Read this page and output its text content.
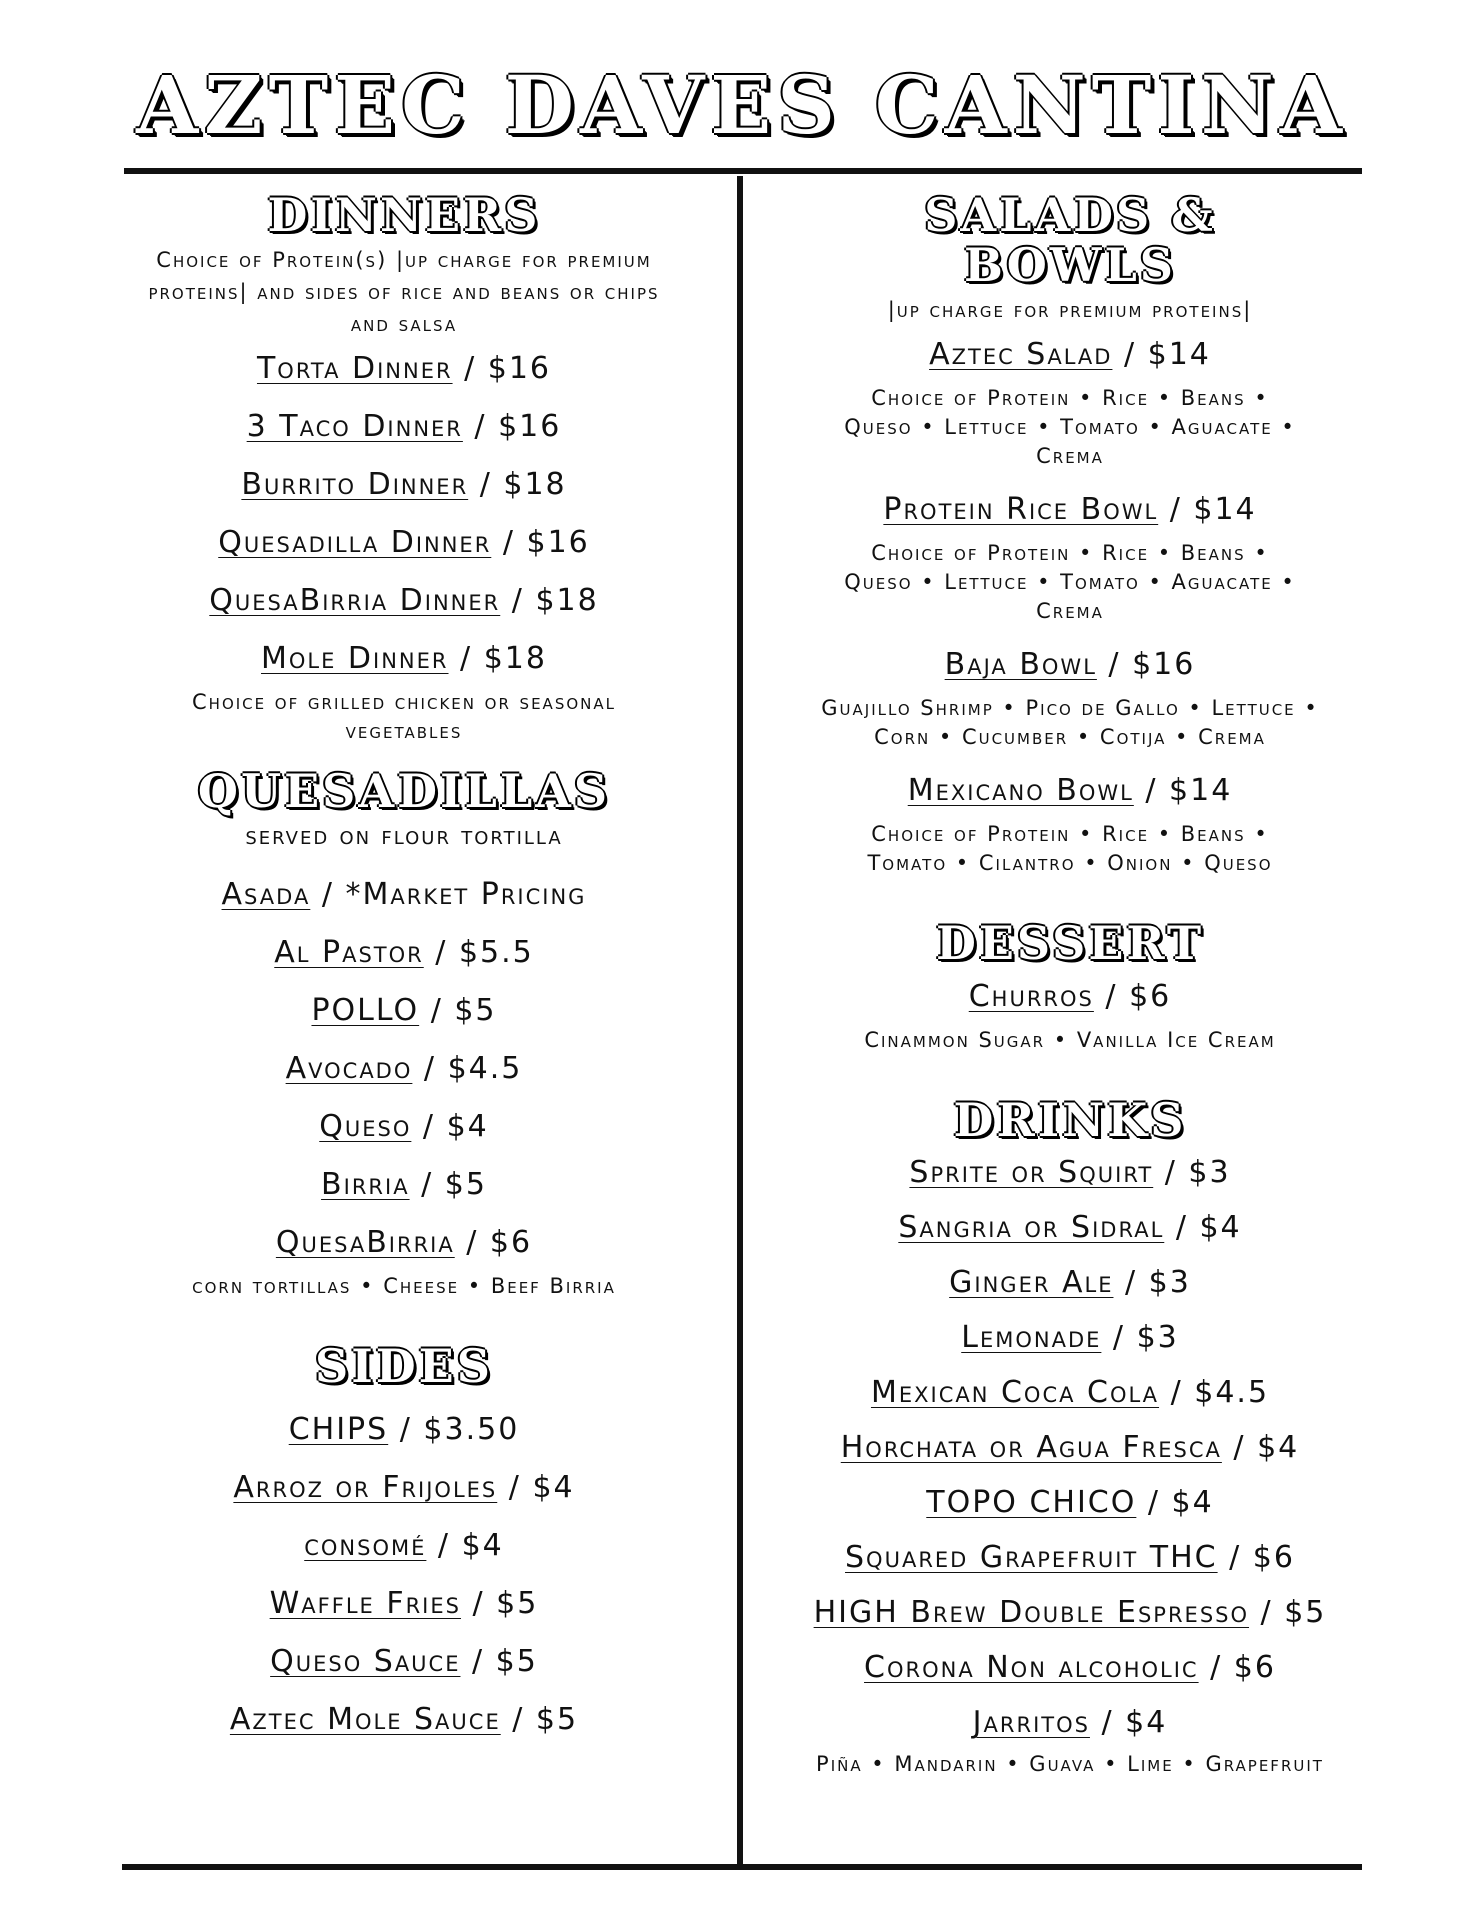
AZTEC DAVES CANTINA
DINNERS
Choice of Protein(s) |up charge for premium proteins| and sides of rice and beans or chips and salsa
Torta Dinner / $16
3 Taco Dinner / $16
Burrito Dinner / $18
Quesadilla Dinner / $16
QuesaBirria Dinner / $18
Mole Dinner / $18
Choice of grilled chicken or seasonal vegetables
QUESADILLAS
served on flour tortilla
Asada / *Market Pricing
Al Pastor / $5.5
POLLO / $5
Avocado / $4.5
Queso / $4
Birria / $5
QuesaBirria / $6
corn tortillas • Cheese • Beef Birria
SIDES
CHIPS / $3.50
Arroz or Frijoles / $4
consomé / $4
Waffle Fries / $5
Queso Sauce / $5
Aztec Mole Sauce / $5
SALADS &
BOWLS
|up charge for premium proteins|
Aztec Salad / $14
Choice of Protein • Rice • Beans • Queso • Lettuce • Tomato • Aguacate • Crema
Protein Rice Bowl / $14
Choice of Protein • Rice • Beans • Queso • Lettuce • Tomato • Aguacate • Crema
Baja Bowl / $16
Guajillo Shrimp • Pico de Gallo • Lettuce • Corn • Cucumber • Cotija • Crema
Mexicano Bowl / $14
Choice of Protein • Rice • Beans • Tomato • Cilantro • Onion • Queso
DESSERT
Churros / $6
Cinammon Sugar • Vanilla Ice Cream
DRINKS
Sprite or Squirt / $3
Sangria or Sidral / $4
Ginger Ale / $3
Lemonade / $3
Mexican Coca Cola / $4.5
Horchata or Agua Fresca / $4
TOPO CHICO / $4
Squared Grapefruit THC / $6
HIGH Brew Double Espresso / $5
Corona Non alcoholic / $6
Jarritos / $4
Piña • Mandarin • Guava • Lime • Grapefruit
